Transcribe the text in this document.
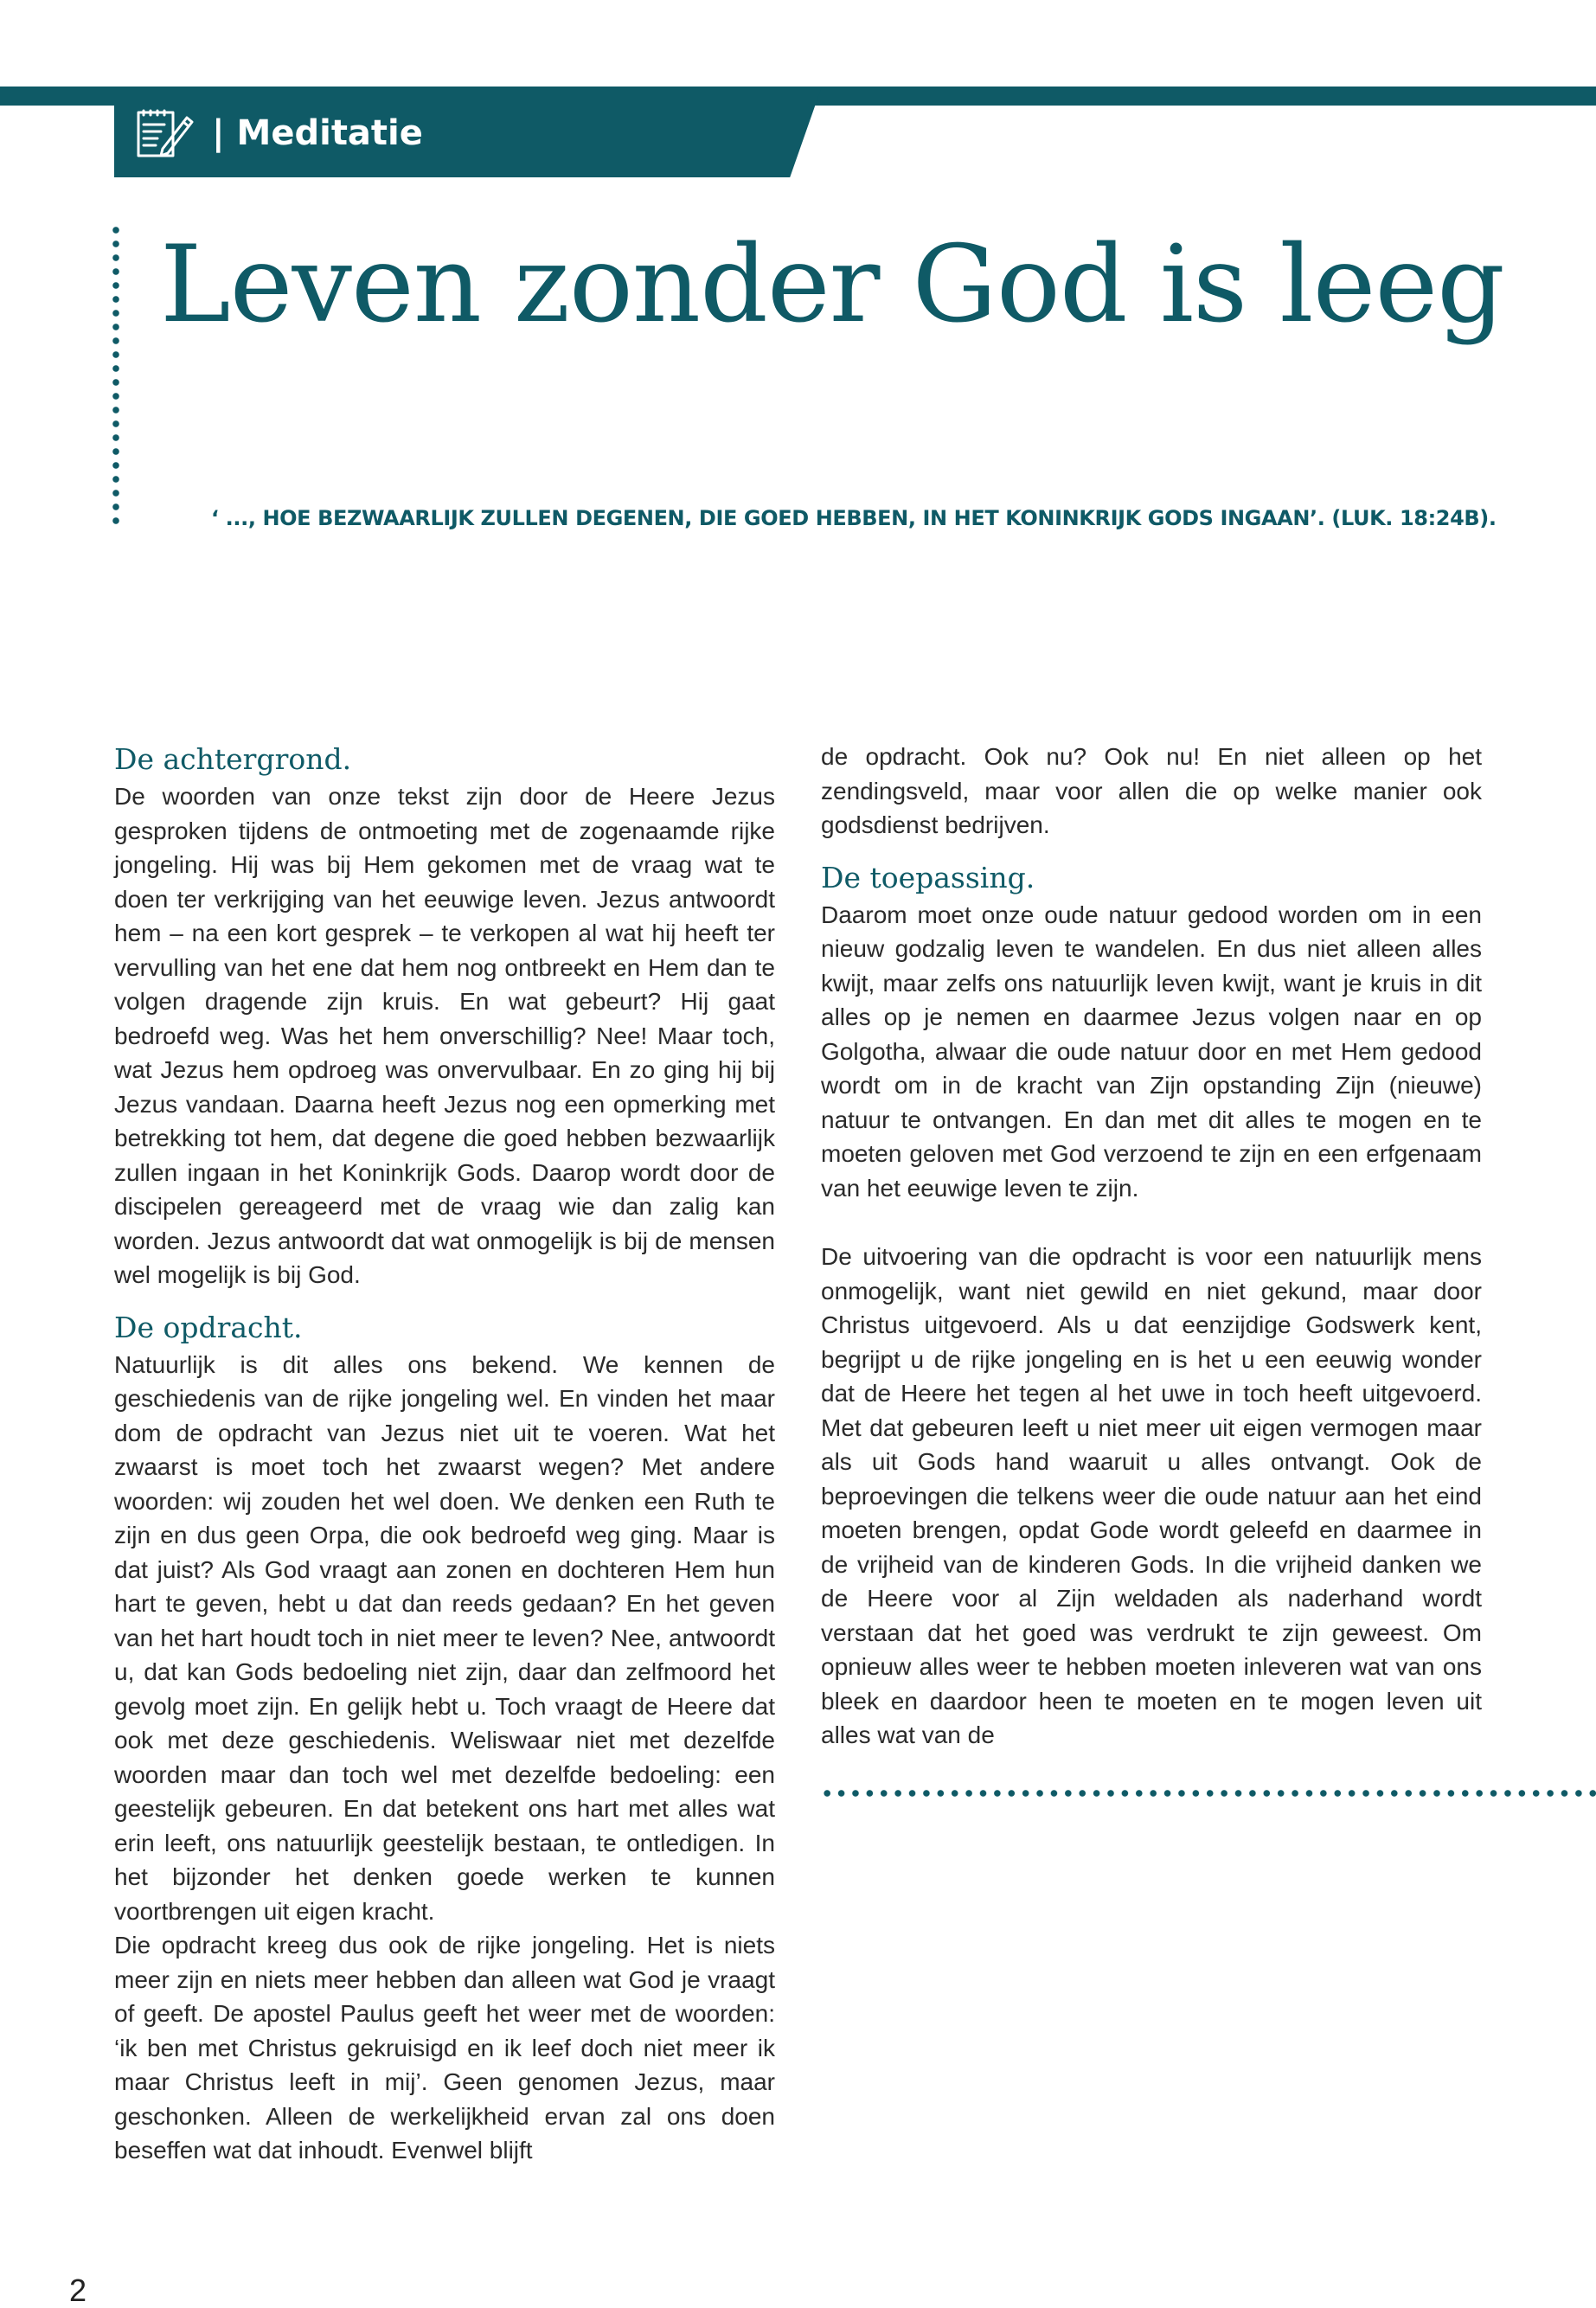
| Meditatie
Leven zonder God is leeg

‘ ..., HOE BEZWAARLIJK ZULLEN DEGENEN, DIE GOED HEBBEN, IN HET KONINKRIJK GODS INGAAN’. (LUK. 18:24B).

De achtergrond.

De woorden van onze tekst zijn door de Heere Jezus gesproken tijdens de ontmoeting met de zogenaamde rijke jongeling. Hij was bij Hem gekomen met de vraag wat te doen ter verkrijging van het eeuwige leven. Jezus antwoordt hem – na een kort gesprek – te verkopen al wat hij heeft ter vervulling van het ene dat hem nog ontbreekt en Hem dan te volgen dragende zijn kruis. En wat gebeurt? Hij gaat bedroefd weg. Was het hem onverschillig? Nee! Maar toch, wat Jezus hem opdroeg was onvervulbaar. En zo ging hij bij Jezus vandaan. Daarna heeft Jezus nog een opmerking met betrekking tot hem, dat degene die goed hebben bezwaarlijk zullen ingaan in het Koninkrijk Gods. Daarop wordt door de discipelen gereageerd met de vraag wie dan zalig kan worden. Jezus antwoordt dat wat onmogelijk is bij de mensen wel mogelijk is bij God.

De opdracht.

Natuurlijk is dit alles ons bekend. We kennen de geschiedenis van de rijke jongeling wel. En vinden het maar dom de opdracht van Jezus niet uit te voeren. Wat het zwaarst is moet toch het zwaarst wegen? Met andere woorden: wij zouden het wel doen. We denken een Ruth te zijn en dus geen Orpa, die ook bedroefd weg ging. Maar is dat juist? Als God vraagt aan zonen en dochteren Hem hun hart te geven, hebt u dat dan reeds gedaan? En het geven van het hart houdt toch in niet meer te leven? Nee, antwoordt u, dat kan Gods bedoeling niet zijn, daar dan zelfmoord het gevolg moet zijn. En gelijk hebt u. Toch vraagt de Heere dat ook met deze geschiedenis. Weliswaar niet met dezelfde woorden maar dan toch wel met dezelfde bedoeling: een geestelijk gebeuren. En dat betekent ons hart met alles wat erin leeft, ons natuurlijk geestelijk bestaan, te ontledigen. In het bijzonder het denken goede werken te kunnen voortbrengen uit eigen kracht.

Die opdracht kreeg dus ook de rijke jongeling. Het is niets meer zijn en niets meer hebben dan alleen wat God je vraagt of geeft. De apostel Paulus geeft het weer met de woorden: ‘ik ben met Christus gekruisigd en ik leef doch niet meer ik maar Christus leeft in mij’. Geen genomen Jezus, maar geschonken. Alleen de werkelijkheid ervan zal ons doen beseffen wat dat inhoudt. Evenwel blijft

de opdracht. Ook nu? Ook nu! En niet alleen op het zendingsveld, maar voor allen die op welke manier ook godsdienst bedrijven.

De toepassing.

Daarom moet onze oude natuur gedood worden om in een nieuw godzalig leven te wandelen. En dus niet alleen alles kwijt, maar zelfs ons natuurlijk leven kwijt, want je kruis in dit alles op je nemen en daarmee Jezus volgen naar en op Golgotha, alwaar die oude natuur door en met Hem gedood wordt om in de kracht van Zijn opstanding Zijn (nieuwe) natuur te ontvangen. En dan met dit alles te mogen en te moeten geloven met God verzoend te zijn en een erfgenaam van het eeuwige leven te zijn.

De uitvoering van die opdracht is voor een natuurlijk mens onmogelijk, want niet gewild en niet gekund, maar door Christus uitgevoerd. Als u dat eenzijdige Godswerk kent, begrijpt u de rijke jongeling en is het u een eeuwig wonder dat de Heere het tegen al het uwe in toch heeft uitgevoerd. Met dat gebeuren leeft u niet meer uit eigen vermogen maar als uit Gods hand waaruit u alles ontvangt. Ook de beproevingen die telkens weer die oude natuur aan het eind moeten brengen, opdat Gode wordt geleefd en daarmee in de vrijheid van de kinderen Gods. In die vrijheid danken we de Heere voor al Zijn weldaden als naderhand wordt verstaan dat het goed was verdrukt te zijn geweest. Om opnieuw alles weer te hebben moeten inleveren wat van ons bleek en daardoor heen te moeten en te mogen leven uit alles wat van de

2
